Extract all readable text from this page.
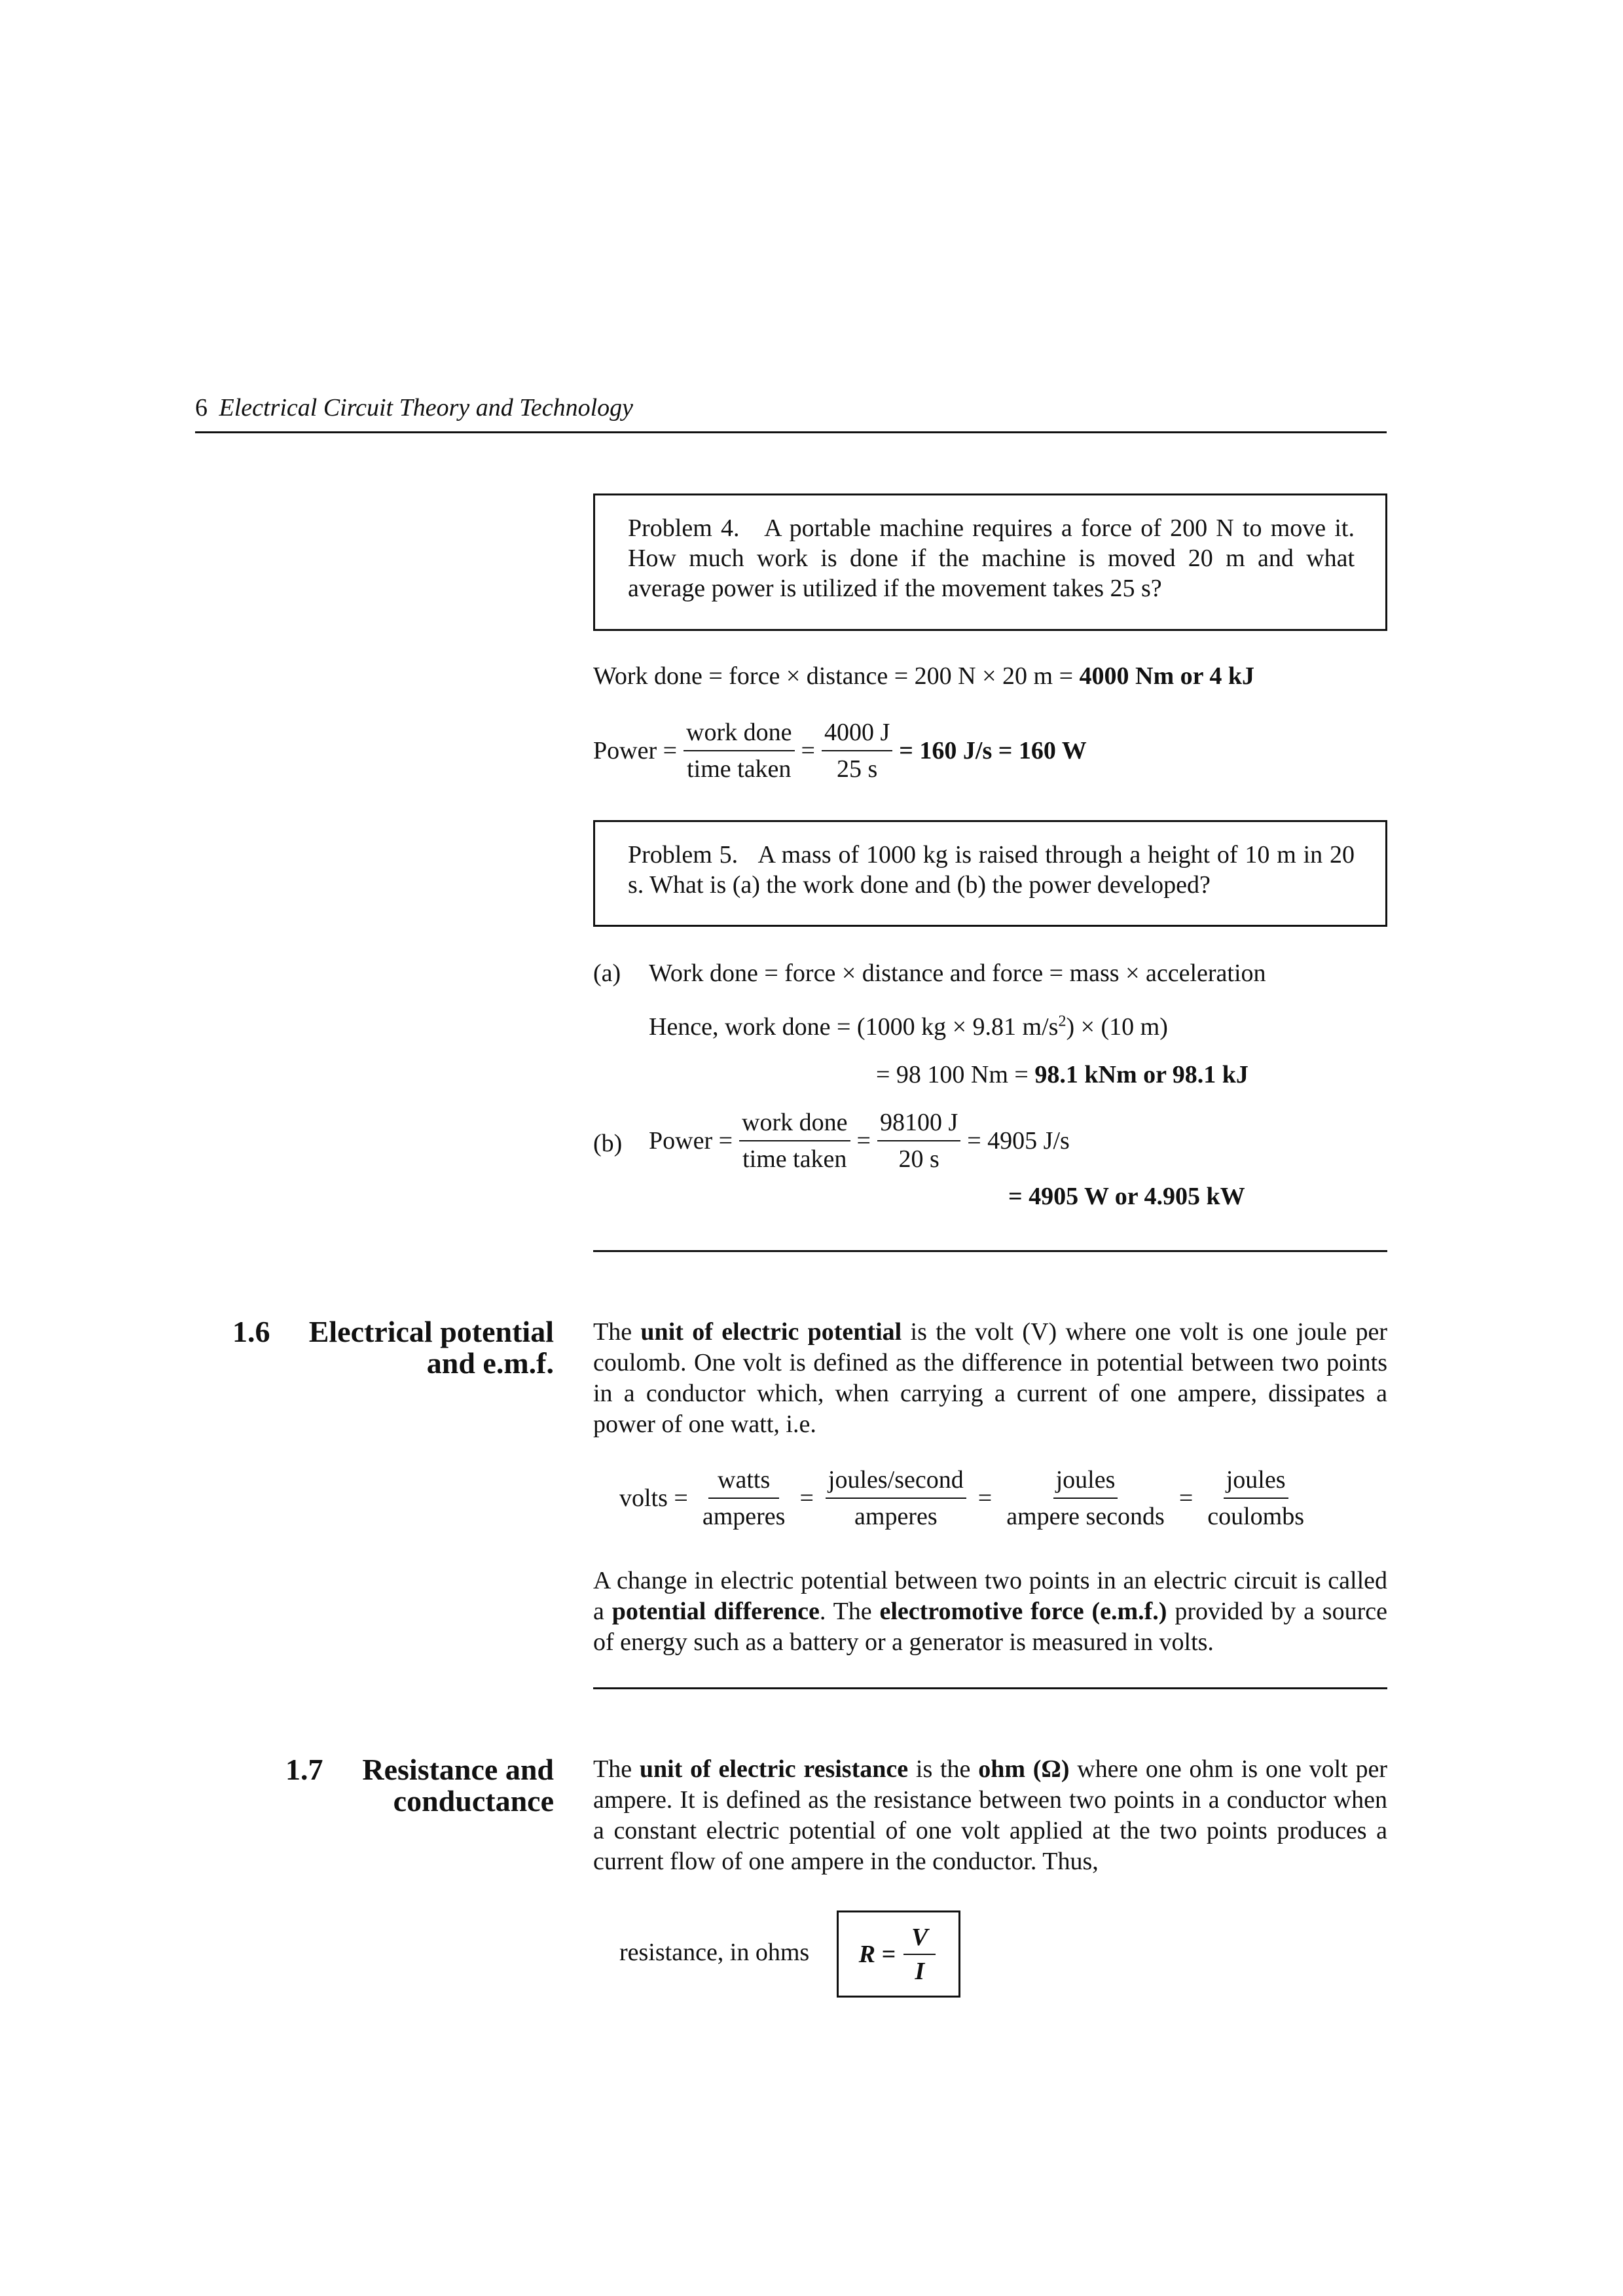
6 Electrical Circuit Theory and Technology
Problem 4. A portable machine requires a force of 200 N to move it. How much work is done if the machine is moved 20 m and what average power is utilized if the movement takes 25 s?
Work done = force × distance = 200 N × 20 m = 4000 Nm or 4 kJ
Power = $\frac{\text{work done}}{\text{time taken}} = \frac{4000 J}{25 s} = 160$ J/s = 160 W
Problem 5. A mass of 1000 kg is raised through a height of 10 m in 20 s. What is (a) the work done and (b) the power developed?
(a) Work done = force × distance and force = mass × acceleration
Hence, work done = (1000 kg × 9.81 $m/s^2) \times (10$ m)
= 98 100 Nm = 98.1 kNm or 98.1 kJ
(b) Power = $\frac{\text{work done}}{\text{time taken}} = \frac{98100 J}{20 s} = 4905$ J/s
= 4905 W or 4.905 kW
1.6 Electrical potential
and e.m.f.
The unit of electric potential is the volt (V) where one volt is one joule per coulomb. One volt is defined as the difference in potential between two points in a conductor which, when carrying a current of one ampere, dissipates a power of one watt, i.e.
volts = $\frac{\text{watts}}{\text{amperes}} = \frac{\text{joules/second}}{\text{amperes}} = \frac{\text{joules}}{\text{ampere seconds}} = \frac{\text{joules}}{\text{coulombs}}$
A change in electric potential between two points in an electric circuit is called a potential difference. The electromotive force (e.m.f.) provided by a source of energy such as a battery or a generator is measured in volts.
1.7 Resistance and
conductance
The unit of electric resistance is the ohm (Ω) where one ohm is one volt per ampere. It is defined as the resistance between two points in a conductor when a constant electric potential of one volt applied at the two points produces a current flow of one ampere in the conductor. Thus,
resistance, in ohms $R = \frac{V}{I}$
